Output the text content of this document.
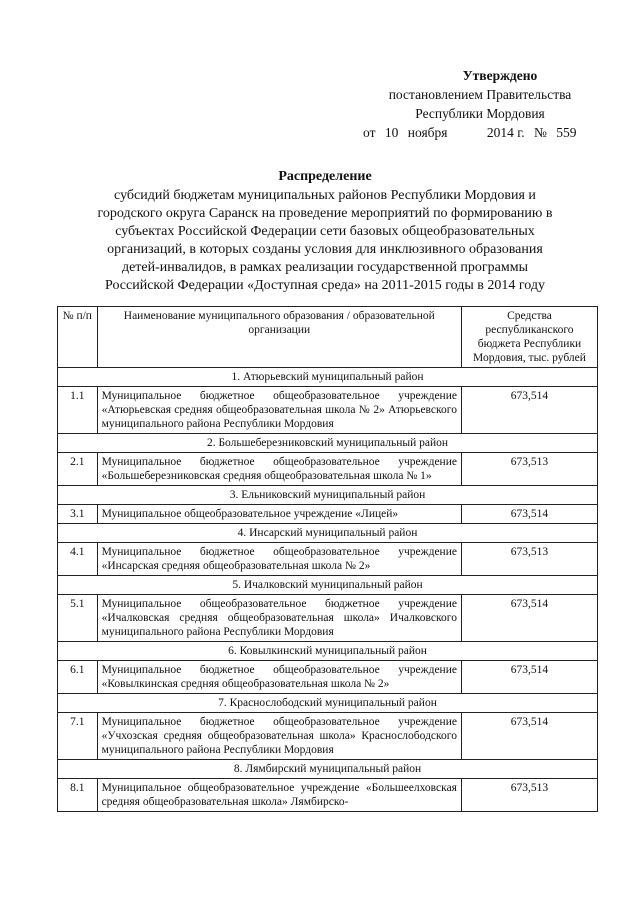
Утверждено
постановлением Правительства
Республики Мордовия
от 10 ноября	2014 г. № 559
Распределение
субсидий бюджетам муниципальных районов Республики Мордовия и
городского округа Саранск на проведение мероприятий по формированию в
субъектах Российской Федерации сети базовых общеобразовательных
организаций, в которых созданы условия для инклюзивного образования
детей-инвалидов, в рамках реализации государственной программы
Российской Федерации «Доступная среда» на 2011-2015 годы в 2014 году
№ п/п	Наименование муниципального образования / образовательной организации	Средства республиканского бюджета Республики Мордовия, тыс. рублей
1. Атюрьевский муниципальный район		
1.1	Муниципальное бюджетное общеобразовательное учреждение «Атюрьевская средняя общеобразовательная школа № 2» Атюрьевского муниципального района Республики Мордовия	673,514
2. Большеберезниковский муниципальный район		
2.1	Муниципальное бюджетное общеобразовательное учреждение «Большеберезниковская средняя общеобразовательная школа № 1»	673,513
3. Ельниковский муниципальный район		
3.1	Муниципальное общеобразовательное учреждение «Лицей»	673,514
4. Инсарский муниципальный район		
4.1	Муниципальное бюджетное общеобразовательное учреждение «Инсарская средняя общеобразовательная школа № 2»	673,513
5. Ичалковский муниципальный район		
5.1	Муниципальное общеобразовательное бюджетное учреждение «Ичалковская средняя общеобразовательная школа» Ичалковского муниципального района Республики Мордовия	673,514
6. Ковылкинский муниципальный район		
6.1	Муниципальное бюджетное общеобразовательное учреждение «Ковылкинская средняя общеобразовательная школа № 2»	673,514
7. Краснослободский муниципальный район		
7.1	Муниципальное бюджетное общеобразовательное учреждение «Учхозская средняя общеобразовательная школа» Краснослободского муниципального района Республики Мордовия	673,514
8. Лямбирский муниципальный район		
8.1	Муниципальное общеобразовательное учреждение «Большеелховская средняя общеобразовательная школа» Лямбирско-	673,513
